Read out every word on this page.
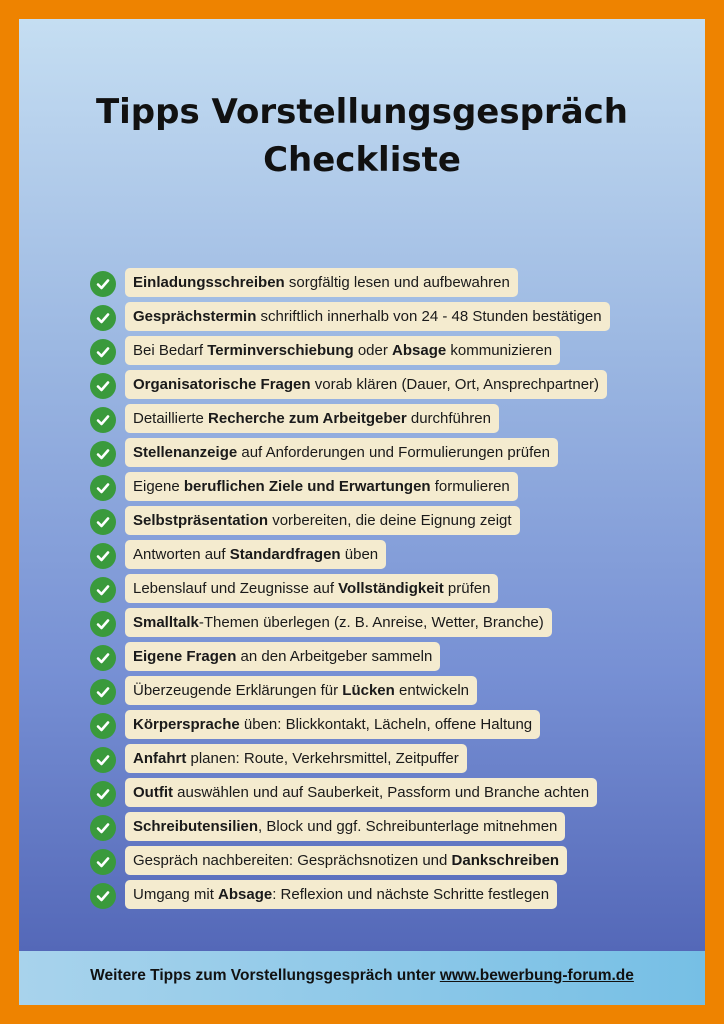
Tipps Vorstellungsgespräch
Checkliste
Einladungsschreiben sorgfältig lesen und aufbewahren
Gesprächstermin schriftlich innerhalb von 24 - 48 Stunden bestätigen
Bei Bedarf Terminverschiebung oder Absage kommunizieren
Organisatorische Fragen vorab klären (Dauer, Ort, Ansprechpartner)
Detaillierte Recherche zum Arbeitgeber durchführen
Stellenanzeige auf Anforderungen und Formulierungen prüfen
Eigene beruflichen Ziele und Erwartungen formulieren
Selbstpräsentation vorbereiten, die deine Eignung zeigt
Antworten auf Standardfragen üben
Lebenslauf und Zeugnisse auf Vollständigkeit prüfen
Smalltalk-Themen überlegen (z. B. Anreise, Wetter, Branche)
Eigene Fragen an den Arbeitgeber sammeln
Überzeugende Erklärungen für Lücken entwickeln
Körpersprache üben: Blickkontakt, Lächeln, offene Haltung
Anfahrt planen: Route, Verkehrsmittel, Zeitpuffer
Outfit auswählen und auf Sauberkeit, Passform und Branche achten
Schreibutensilien, Block und ggf. Schreibunterlage mitnehmen
Gespräch nachbereiten: Gesprächsnotizen und Dankschreiben
Umgang mit Absage: Reflexion und nächste Schritte festlegen
Weitere Tipps zum Vorstellungsgespräch unter www.bewerbung-forum.de
